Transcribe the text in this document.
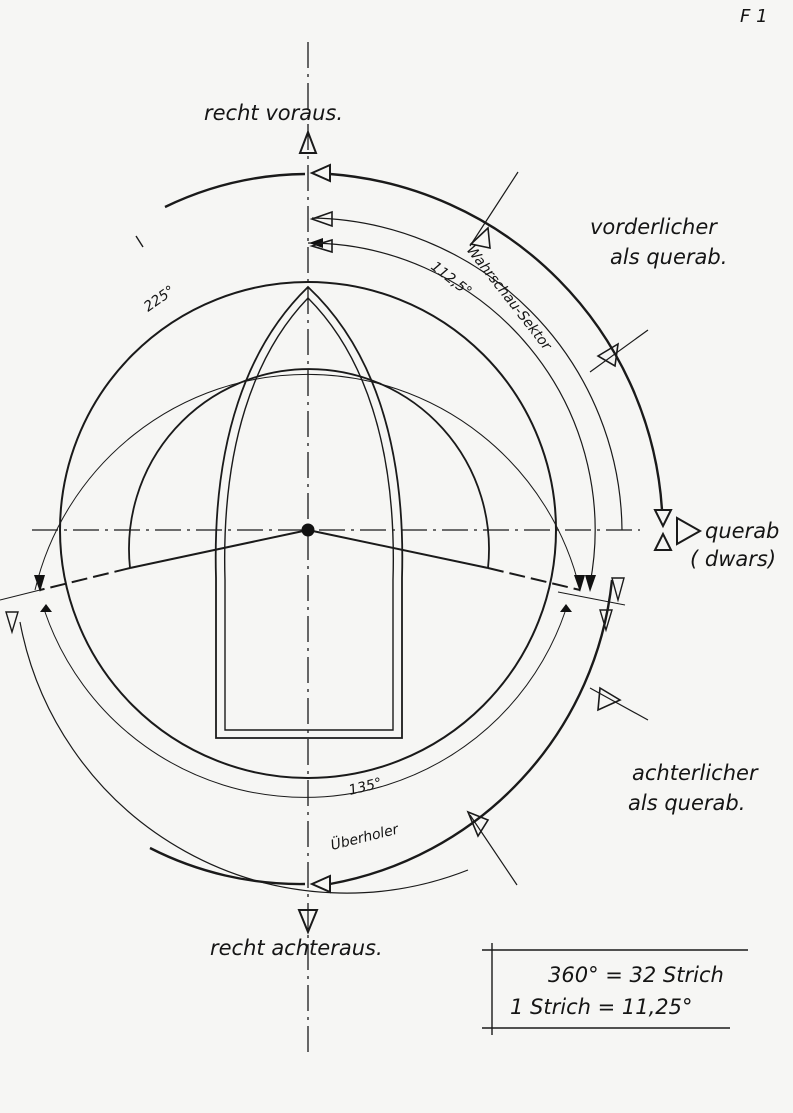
F 1
recht voraus.
recht achteraus.
vorderlicher
als querab.
achterlicher
als querab.
querab
( dwars)
225°	112,5°
Wahrschau-Sektor
135°
Überholer
360° = 32 Strich
1 Strich = 11,25°
